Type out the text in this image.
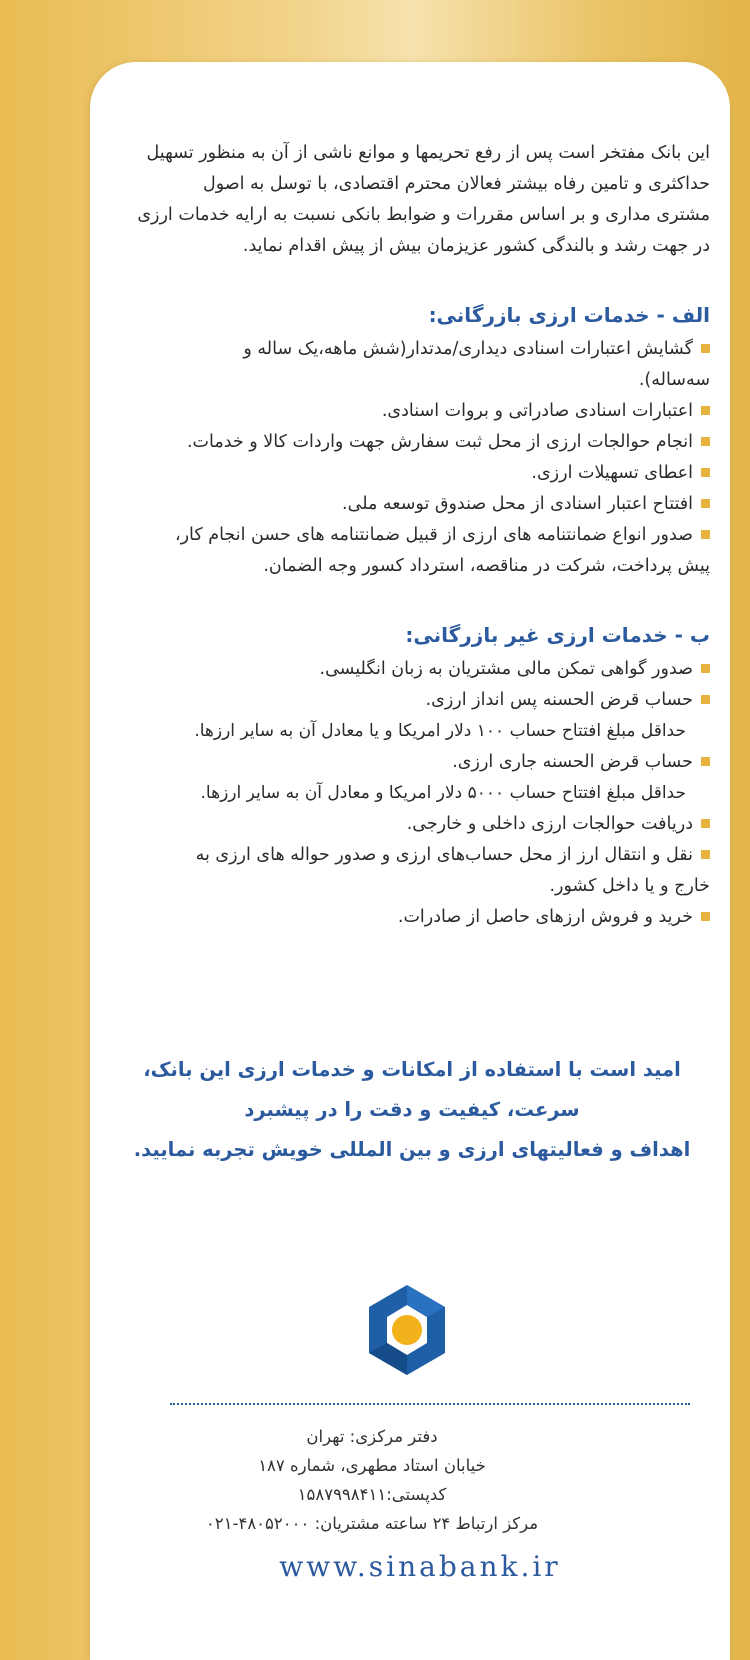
این بانک مفتخر است پس از رفع تحریمها و موانع ناشی از آن به منظور تسهیل

حداکثری و تامین رفاه بیشتر فعالان محترم اقتصادی، با توسل به اصول

مشتری مداری و بر اساس مقررات و ضوابط بانکی نسبت به ارایه خدمات ارزی

در جهت رشد و بالندگی کشور عزیزمان بیش از پیش اقدام نماید.

الف - خدمات ارزی بازرگانی:
گشایش اعتبارات اسنادی دیداری/مدتدار(شش ماهه،یک ساله و
سه‌ساله).
اعتبارات اسنادی صادراتی و بروات اسنادی.
انجام حوالجات ارزی از محل ثبت سفارش جهت واردات کالا و خدمات.
اعطای تسهیلات ارزی.
افتتاح اعتبار اسنادی از محل صندوق توسعه ملی.
صدور انواع ضمانتنامه های ارزی از قبیل ضمانتنامه های حسن انجام کار،
پیش پرداخت، شرکت در مناقصه، استرداد کسور وجه الضمان.
ب - خدمات ارزی غیر بازرگانی:
صدور گواهی تمکن مالی مشتریان به زبان انگلیسی.
حساب قرض الحسنه پس انداز ارزی.
حداقل مبلغ افتتاح حساب ۱۰۰ دلار امریکا و یا معادل آن به سایر ارزها.
حساب قرض الحسنه جاری ارزی.
حداقل مبلغ افتتاح حساب ۵۰۰۰ دلار امریکا و معادل آن به سایر ارزها.
دریافت حوالجات ارزی داخلی و خارجی.
نقل و انتقال ارز از محل حساب‌های ارزی و صدور حواله های ارزی به
خارج و یا داخل کشور.
خرید و فروش ارزهای حاصل از صادرات.

امید است با استفاده از امکانات و خدمات ارزی این بانک،

سرعت، کیفیت و دقت را در پیشبرد

اهداف و فعالیتهای ارزی و بین المللی خویش تجربه نمایید.

دفتر مرکزی: تهران

خیابان استاد مطهری، شماره ۱۸۷

کدپستی:۱۵۸۷۹۹۸۴۱۱

مرکز ارتباط ۲۴ ساعته مشتریان: ۴۸۰۵۲۰۰۰-۰۲۱

www.sinabank.ir
